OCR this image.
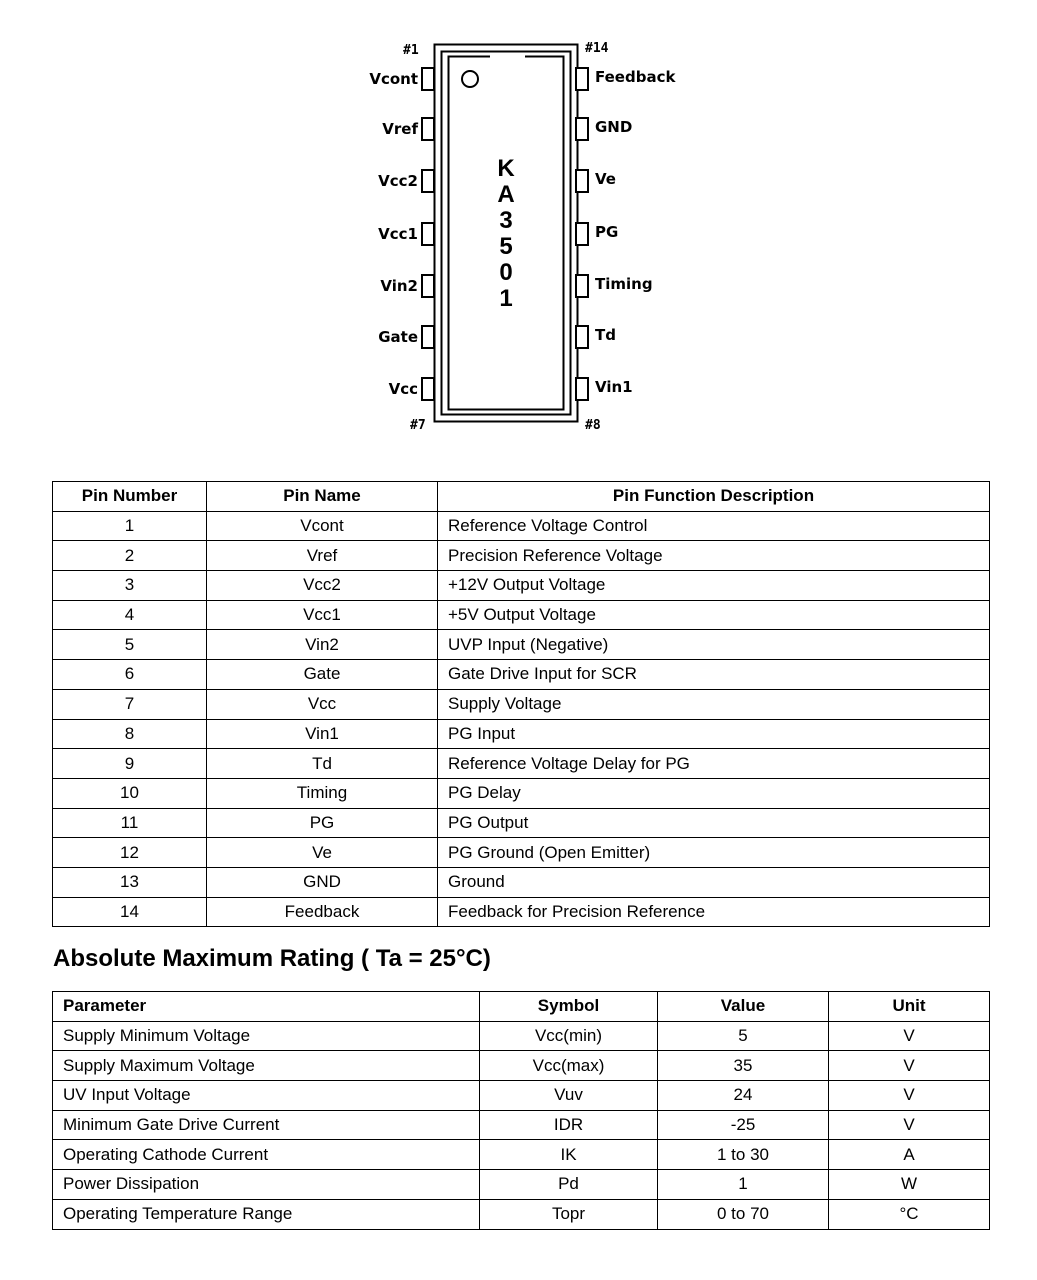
#1	#14
#7	#8
K
A
3
5
0
1
Vcont
Vref
Vcc2
Vcc1
Vin2
Gate
Vcc
Feedback
GND
Ve
PG
Timing
Td
Vin1
Pin Number	Pin Name	Pin Function Description
1	Vcont	Reference Voltage Control
2	Vref	Precision Reference Voltage
3	Vcc2	+12V Output Voltage
4	Vcc1	+5V Output Voltage
5	Vin2	UVP Input (Negative)
6	Gate	Gate Drive Input for SCR
7	Vcc	Supply Voltage
8	Vin1	PG Input
9	Td	Reference Voltage Delay for PG
10	Timing	PG Delay
11	PG	PG Output
12	Ve	PG Ground (Open Emitter)
13	GND	Ground
14	Feedback	Feedback for Precision Reference
Absolute Maximum Rating ( Ta = 25°C)
Parameter	Symbol	Value	Unit
Supply Minimum Voltage	Vcc(min)	5	V
Supply Maximum Voltage	Vcc(max)	35	V
UV Input Voltage	Vuv	24	V
Minimum Gate Drive Current	IDR	-25	V
Operating Cathode Current	IK	1 to 30	A
Power Dissipation	Pd	1	W
Operating Temperature Range	Topr	0 to 70	°C
